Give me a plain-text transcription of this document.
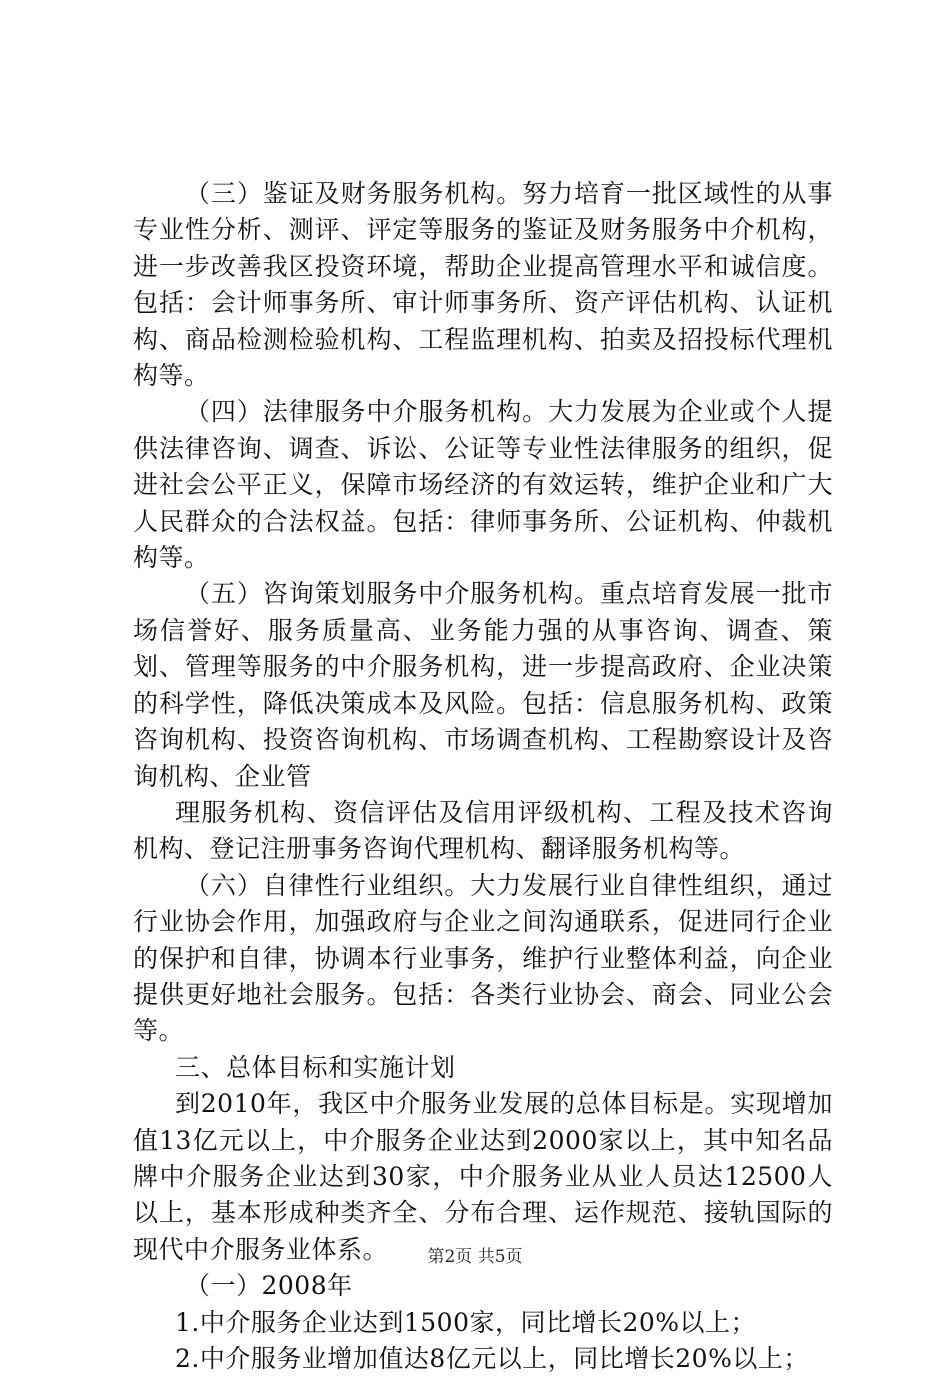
（三）鉴证及财务服务机构。努力培育一批区域性的从事专业性分析、测评、评定等服务的鉴证及财务服务中介机构，进一步改善我区投资环境，帮助企业提高管理水平和诚信度。包括：会计师事务所、审计师事务所、资产评估机构、认证机构、商品检测检验机构、工程监理机构、拍卖及招投标代理机构等。

（四）法律服务中介服务机构。大力发展为企业或个人提供法律咨询、调查、诉讼、公证等专业性法律服务的组织，促进社会公平正义，保障市场经济的有效运转，维护企业和广大人民群众的合法权益。包括：律师事务所、公证机构、仲裁机构等。

（五）咨询策划服务中介服务机构。重点培育发展一批市场信誉好、服务质量高、业务能力强的从事咨询、调查、策划、管理等服务的中介服务机构，进一步提高政府、企业决策的科学性，降低决策成本及风险。包括：信息服务机构、政策咨询机构、投资咨询机构、市场调查机构、工程勘察设计及咨询机构、企业管

理服务机构、资信评估及信用评级机构、工程及技术咨询机构、登记注册事务咨询代理机构、翻译服务机构等。

（六）自律性行业组织。大力发展行业自律性组织，通过行业协会作用，加强政府与企业之间沟通联系，促进同行企业的保护和自律，协调本行业事务，维护行业整体利益，向企业提供更好地社会服务。包括：各类行业协会、商会、同业公会等。

三、总体目标和实施计划

到2010年，我区中介服务业发展的总体目标是。实现增加值13亿元以上，中介服务企业达到2000家以上，其中知名品牌中介服务企业达到30家，中介服务业从业人员达12500人以上，基本形成种类齐全、分布合理、运作规范、接轨国际的现代中介服务业体系。

（一）2008年

1.中介服务企业达到1500家，同比增长20%以上；

2.中介服务业增加值达8亿元以上，同比增长20%以上；

第2页 共5页
